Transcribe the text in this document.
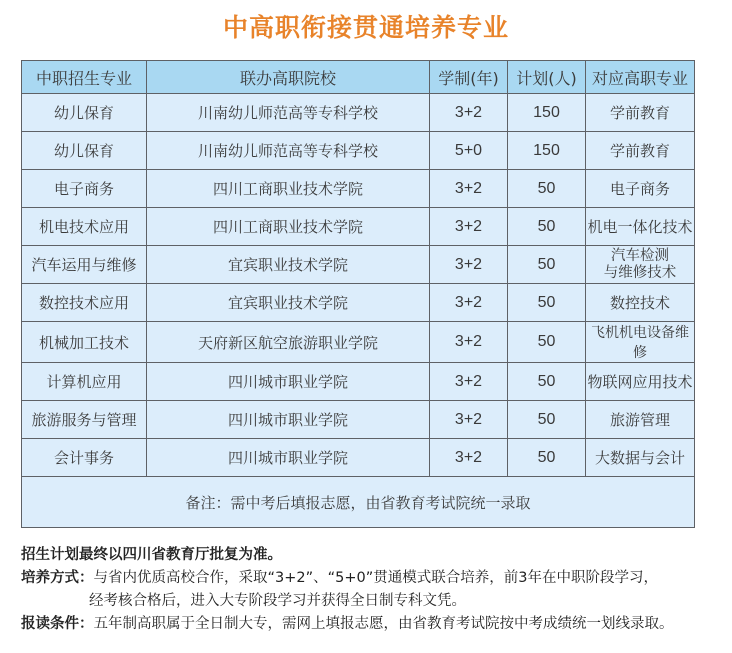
中高职衔接贯通培养专业
中职招生专业	联办高职院校	学制(年)	计划(人)	对应高职专业
幼儿保育	川南幼儿师范高等专科学校	3+2	150	学前教育
幼儿保育	川南幼儿师范高等专科学校	5+0	150	学前教育
电子商务	四川工商职业技术学院	3+2	50	电子商务
机电技术应用	四川工商职业技术学院	3+2	50	机电一体化技术
汽车运用与维修	宜宾职业技术学院	3+2	50	汽车检测
与维修技术

数控技术应用	宜宾职业技术学院	3+2	50	数控技术
机械加工技术	天府新区航空旅游职业学院	3+2	50	飞机机电设备维修
计算机应用	四川城市职业学院	3+2	50	物联网应用技术
旅游服务与管理	四川城市职业学院	3+2	50	旅游管理
会计事务	四川城市职业学院	3+2	50	大数据与会计
备注：需中考后填报志愿，由省教育考试院统一录取				
招生计划最终以四川省教育厅批复为准。
培养方式：与省内优质高校合作，采取“3+2”、“5+0”贯通模式联合培养，前3年在中职阶段学习，
经考核合格后，进入大专阶段学习并获得全日制专科文凭。
报读条件：五年制高职属于全日制大专，需网上填报志愿，由省教育考试院按中考成绩统一划线录取。
